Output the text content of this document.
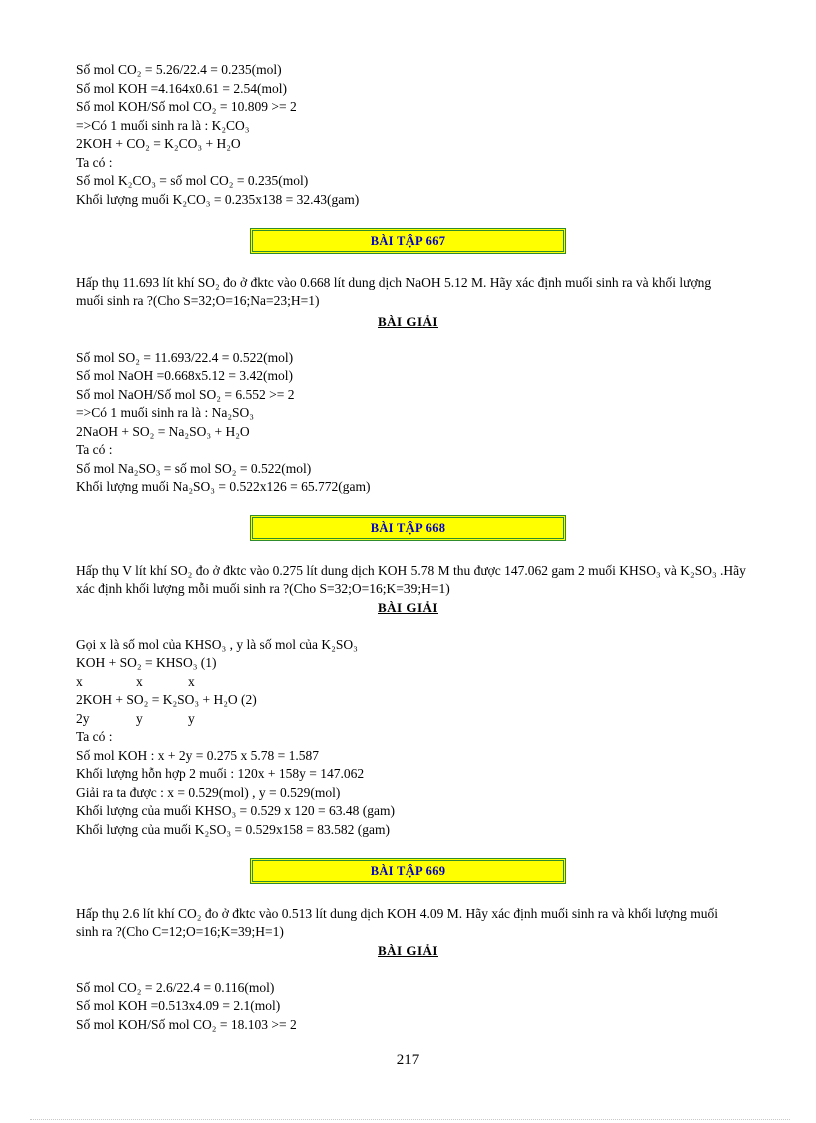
Số mol CO₂ = 5.26/22.4 = 0.235(mol)
Số mol KOH =4.164x0.61 = 2.54(mol)
Số mol KOH/Số mol CO₂ = 10.809 >= 2
=>Có 1 muối sinh ra là : K₂CO₃
2KOH + CO₂ = K₂CO₃ + H₂O
Ta có :
Số mol K₂CO₃ = số mol CO₂ = 0.235(mol)
Khối lượng muối K₂CO₃ = 0.235x138 = 32.43(gam)
BÀI TẬP 667
Hấp thụ 11.693 lít khí SO₂ đo ở đktc vào 0.668 lít dung dịch NaOH 5.12 M. Hãy xác định muối sinh ra và khối lượng muối sinh ra ?(Cho S=32;O=16;Na=23;H=1)
BÀI GIẢI
Số mol SO₂ = 11.693/22.4 = 0.522(mol)
Số mol NaOH =0.668x5.12 = 3.42(mol)
Số mol NaOH/Số mol SO₂ = 6.552 >= 2
=>Có 1 muối sinh ra là : Na₂SO₃
2NaOH + SO₂ = Na₂SO₃ + H₂O
Ta có :
Số mol Na₂SO₃ = số mol SO₂ = 0.522(mol)
Khối lượng muối Na₂SO₃ = 0.522x126 = 65.772(gam)
BÀI TẬP 668
Hấp thụ V lít khí SO₂ đo ở đktc vào 0.275 lít dung dịch KOH 5.78 M thu được 147.062 gam 2 muối KHSO₃ và K₂SO₃ .Hãy xác định khối lượng mỗi muối sinh ra ?(Cho S=32;O=16;K=39;H=1)
BÀI GIẢI
Gọi x là số mol của KHSO₃ , y là số mol của K₂SO₃
KOH + SO₂ = KHSO₃ (1)
x	x	x
2KOH + SO₂ = K₂SO₃ + H₂O (2)
2y	y	y
Ta có :
Số mol KOH : x + 2y = 0.275 x 5.78 = 1.587
Khối lượng hỗn hợp 2 muối : 120x + 158y = 147.062
Giải ra ta được : x = 0.529(mol) , y = 0.529(mol)
Khối lượng của muối KHSO₃ = 0.529 x 120 = 63.48 (gam)
Khối lượng của muối K₂SO₃ = 0.529x158 = 83.582 (gam)
BÀI TẬP 669
Hấp thụ 2.6 lít khí CO₂ đo ở đktc vào 0.513 lít dung dịch KOH 4.09 M. Hãy xác định muối sinh ra và khối lượng muối sinh ra ?(Cho C=12;O=16;K=39;H=1)
BÀI GIẢI
Số mol CO₂ = 2.6/22.4 = 0.116(mol)
Số mol KOH =0.513x4.09 = 2.1(mol)
Số mol KOH/Số mol CO₂ = 18.103 >= 2
217
